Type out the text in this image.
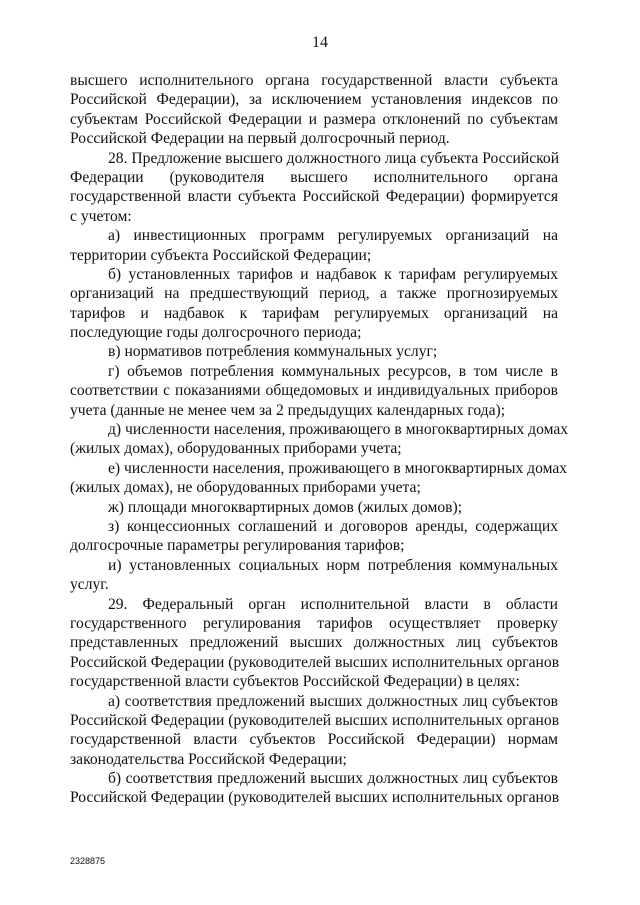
14
высшего исполнительного органа государственной власти субъекта
Российской Федерации), за исключением установления индексов по
субъектам Российской Федерации и размера отклонений по субъектам
Российской Федерации на первый долгосрочный период.
28. Предложение высшего должностного лица субъекта Российской
Федерации (руководителя высшего исполнительного органа
государственной власти субъекта Российской Федерации) формируется
с учетом:
а) инвестиционных программ регулируемых организаций на
территории субъекта Российской Федерации;
б) установленных тарифов и надбавок к тарифам регулируемых
организаций на предшествующий период, а также прогнозируемых
тарифов и надбавок к тарифам регулируемых организаций на
последующие годы долгосрочного периода;
в) нормативов потребления коммунальных услуг;
г) объемов потребления коммунальных ресурсов, в том числе в
соответствии с показаниями общедомовых и индивидуальных приборов
учета (данные не менее чем за 2 предыдущих календарных года);
д) численности населения, проживающего в многоквартирных домах
(жилых домах), оборудованных приборами учета;
е) численности населения, проживающего в многоквартирных домах
(жилых домах), не оборудованных приборами учета;
ж) площади многоквартирных домов (жилых домов);
з) концессионных соглашений и договоров аренды, содержащих
долгосрочные параметры регулирования тарифов;
и) установленных социальных норм потребления коммунальных
услуг.
29. Федеральный орган исполнительной власти в области
государственного регулирования тарифов осуществляет проверку
представленных предложений высших должностных лиц субъектов
Российской Федерации (руководителей высших исполнительных органов
государственной власти субъектов Российской Федерации) в целях:
а) соответствия предложений высших должностных лиц субъектов
Российской Федерации (руководителей высших исполнительных органов
государственной власти субъектов Российской Федерации) нормам
законодательства Российской Федерации;
б) соответствия предложений высших должностных лиц субъектов
Российской Федерации (руководителей высших исполнительных органов
2328875
